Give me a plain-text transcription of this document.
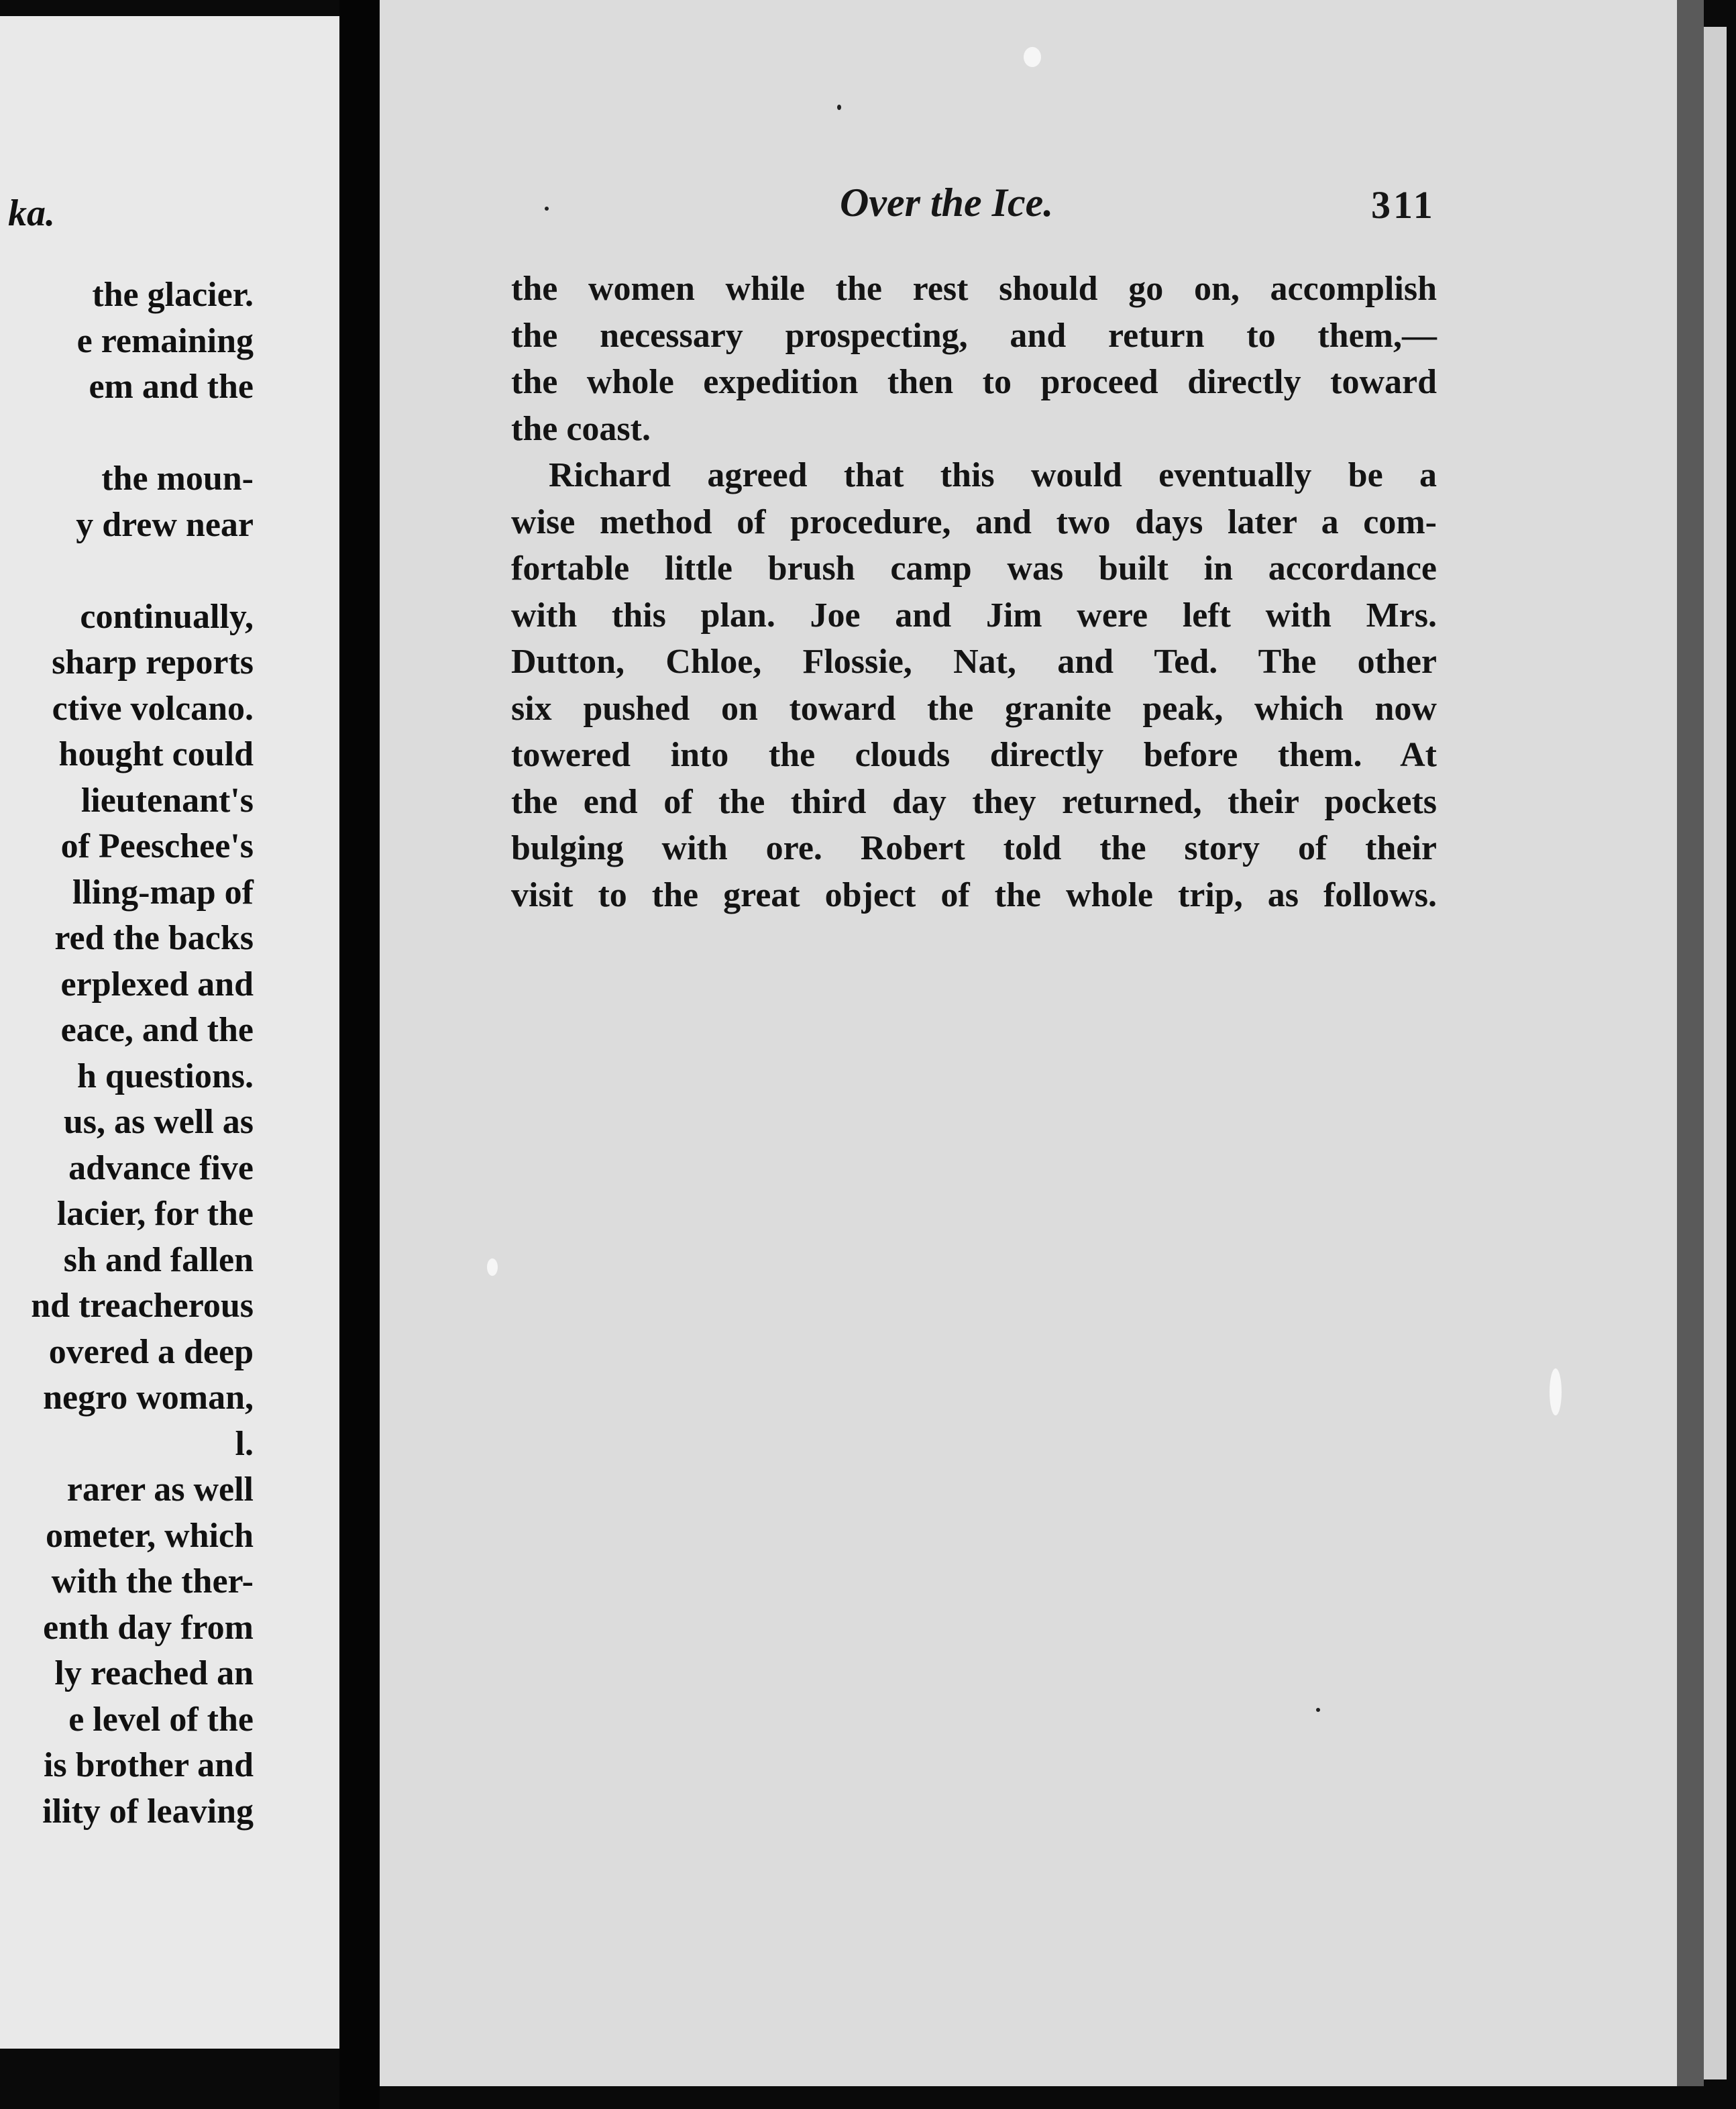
ka.
the glacier.
e remaining
em and the
the moun-
y drew near
continually,
sharp reports
ctive volcano.
hought could
lieutenant's
of Peeschee's
lling-map of
red the backs
erplexed and
eace, and the
h questions.
us, as well as
advance five
lacier, for the
sh and fallen
nd treacherous
overed a deep
negro woman,
l.
rarer as well
ometer, which
with the ther-
enth day from
ly reached an
e level of the
is brother and
ility of leaving
Over the Ice.	311
the women while the rest should go on, accomplish
the necessary prospecting, and return to them,—
the whole expedition then to proceed directly toward
the coast.
Richard agreed that this would eventually be a
wise method of procedure, and two days later a com-
fortable little brush camp was built in accordance
with this plan. Joe and Jim were left with Mrs.
Dutton, Chloe, Flossie, Nat, and Ted. The other
six pushed on toward the granite peak, which now
towered into the clouds directly before them. At
the end of the third day they returned, their pockets
bulging with ore. Robert told the story of their
visit to the great object of the whole trip, as follows.
